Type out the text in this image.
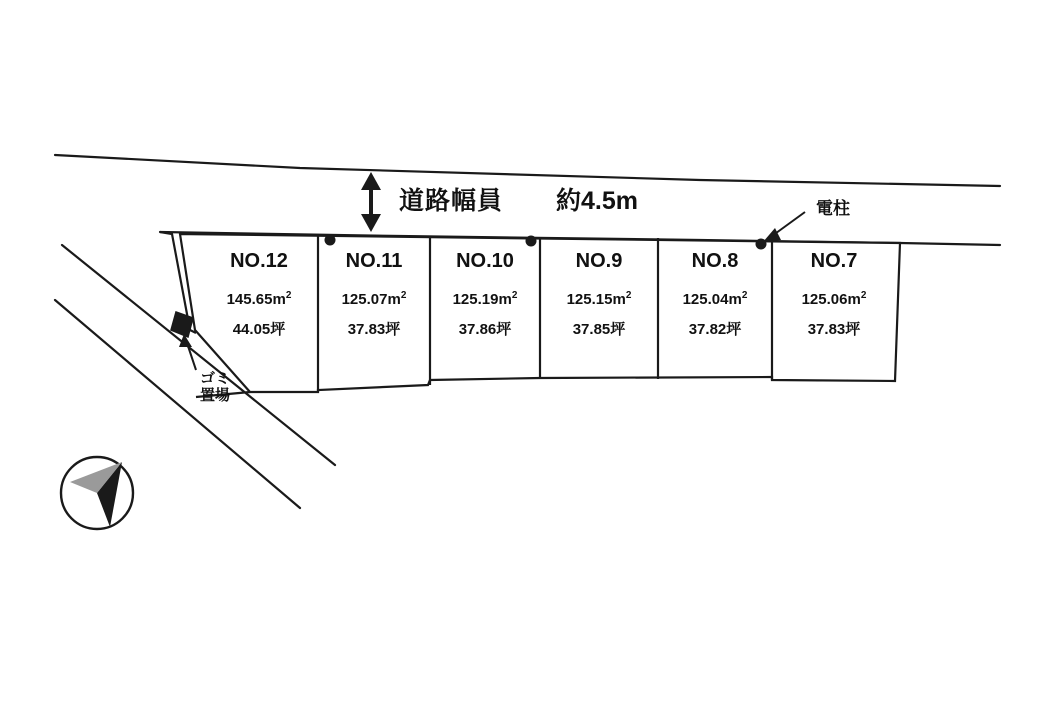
道路幅員 約4.5m	電柱
ゴミ
置場
NO.12
$145.65m^2$
44.05坪
NO.11
$125.07m^2$
37.83坪
NO.10
$125.19m^2$
37.86坪
NO.9
$125.15m^2$
37.85坪
NO.8
$125.04m^2$
37.82坪
NO.7
$125.06m^2$
37.83坪
